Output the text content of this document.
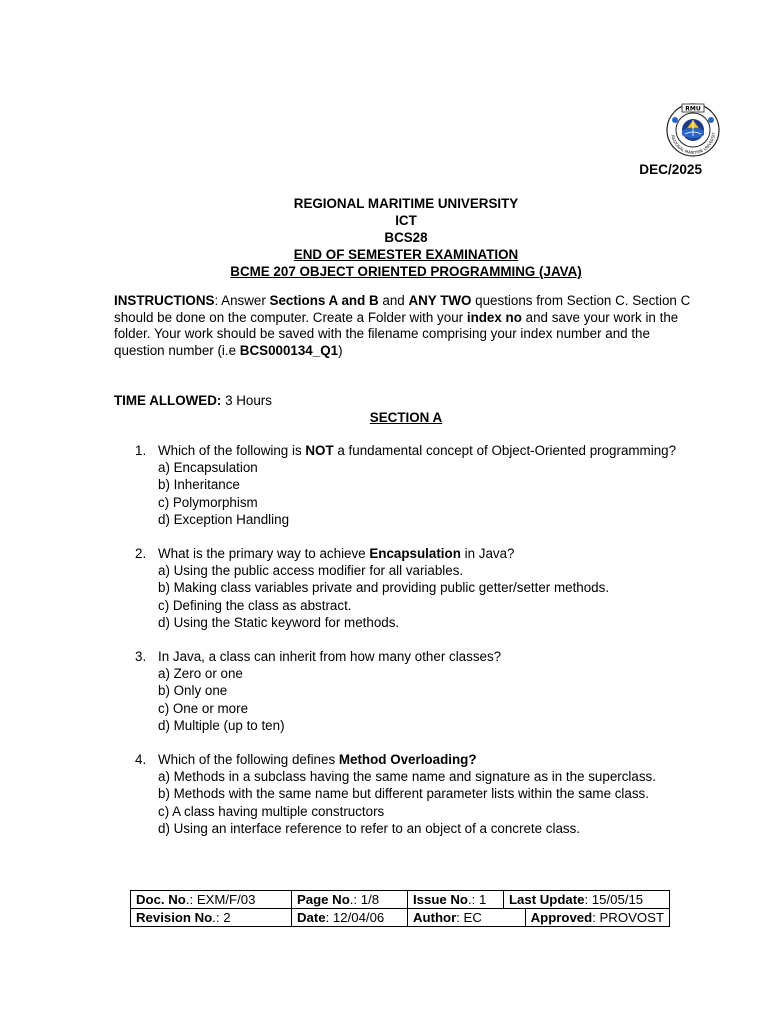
REGIONAL MARITIME UNIVERSIT
RMU
DEC/2025
REGIONAL MARITIME UNIVERSITY
ICT
BCS28
END OF SEMESTER EXAMINATION
BCME 207 OBJECT ORIENTED PROGRAMMING (JAVA)
INSTRUCTIONS: Answer Sections A and B and ANY TWO questions from Section C. Section C should be done on the computer. Create a Folder with your index no and save your work in the folder. Your work should be saved with the filename comprising your index number and the question number (i.e BCS000134_Q1)
TIME ALLOWED: 3 Hours
SECTION A
1. Which of the following is NOT a fundamental concept of Object-Oriented programming?
a) Encapsulation
b) Inheritance
c) Polymorphism
d) Exception Handling
2. What is the primary way to achieve Encapsulation in Java?
a) Using the public access modifier for all variables.
b) Making class variables private and providing public getter/setter methods.
c) Defining the class as abstract.
d) Using the Static keyword for methods.
3. In Java, a class can inherit from how many other classes?
a) Zero or one
b) Only one
c) One or more
d) Multiple (up to ten)
4. Which of the following defines Method Overloading?
a) Methods in a subclass having the same name and signature as in the superclass.
b) Methods with the same name but different parameter lists within the same class.
c) A class having multiple constructors
d) Using an interface reference to refer to an object of a concrete class.
Doc. No.: EXM/F/03	Page No.: 1/8	Issue No.: 1	Last Update: 15/05/15	
Revision No.: 2	Date: 12/04/06	Author: EC		Approved: PROVOST
